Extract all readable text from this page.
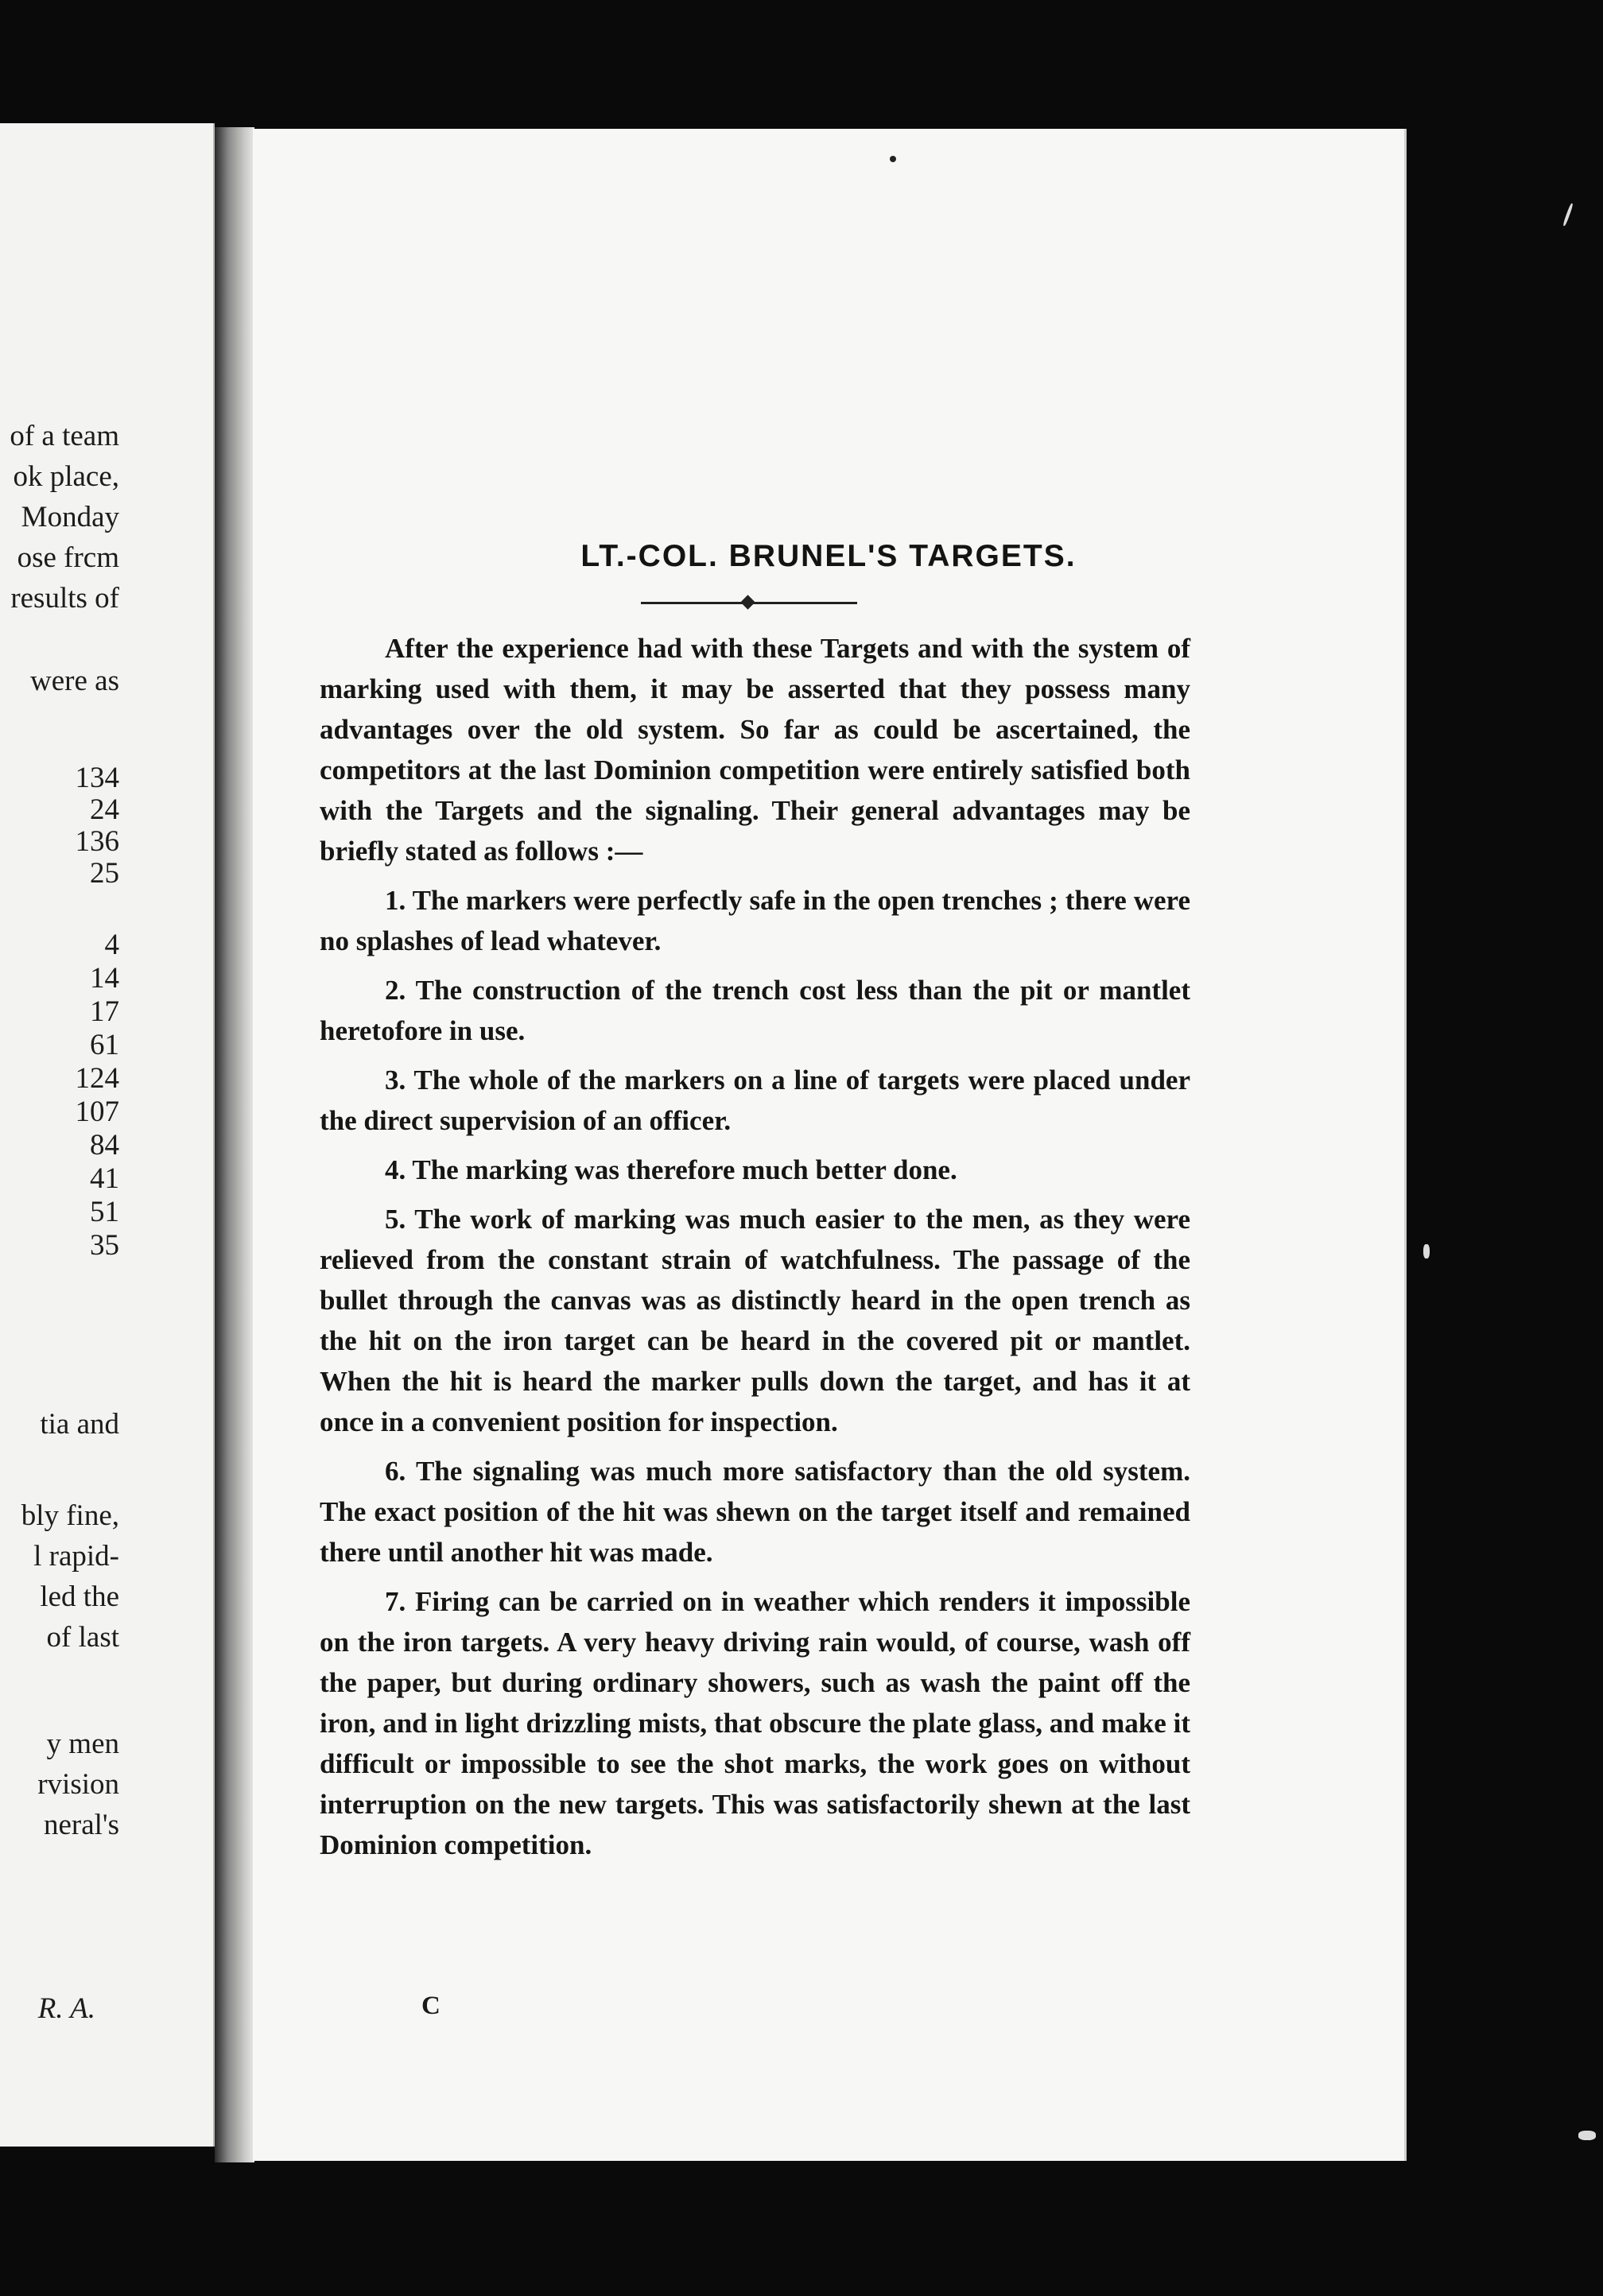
of a team
ok place,
Monday
ose frcm
results of
were as
134
24
136
25
4
14
17
61
124
107
84
41
51
35
tia and
bly fine,
l rapid-
led the
of last
y men
rvision
neral's
R. A.
LT.-COL. BRUNEL'S TARGETS.

After the experience had with these Targets and with the system of marking used with them, it may be asserted that they possess many advantages over the old system. So far as could be ascertained, the competitors at the last Dominion competition were entirely satisfied both with the Targets and the signaling. Their general advantages may be briefly stated as follows :—

1. The markers were perfectly safe in the open trenches ; there were no splashes of lead whatever.

2. The construction of the trench cost less than the pit or mantlet heretofore in use.

3. The whole of the markers on a line of targets were placed under the direct supervision of an officer.

4. The marking was therefore much better done.

5. The work of marking was much easier to the men, as they were relieved from the constant strain of watchfulness. The passage of the bullet through the canvas was as distinctly heard in the open trench as the hit on the iron target can be heard in the covered pit or mantlet. When the hit is heard the marker pulls down the target, and has it at once in a convenient position for inspection.

6. The signaling was much more satisfactory than the old system. The exact position of the hit was shewn on the target itself and remained there until another hit was made.

7. Firing can be carried on in weather which renders it impossible on the iron targets. A very heavy driving rain would, of course, wash off the paper, but during ordinary showers, such as wash the paint off the iron, and in light drizzling mists, that obscure the plate glass, and make it difficult or impossible to see the shot marks, the work goes on without interruption on the new targets. This was satisfactorily shewn at the last Dominion competition.

C
